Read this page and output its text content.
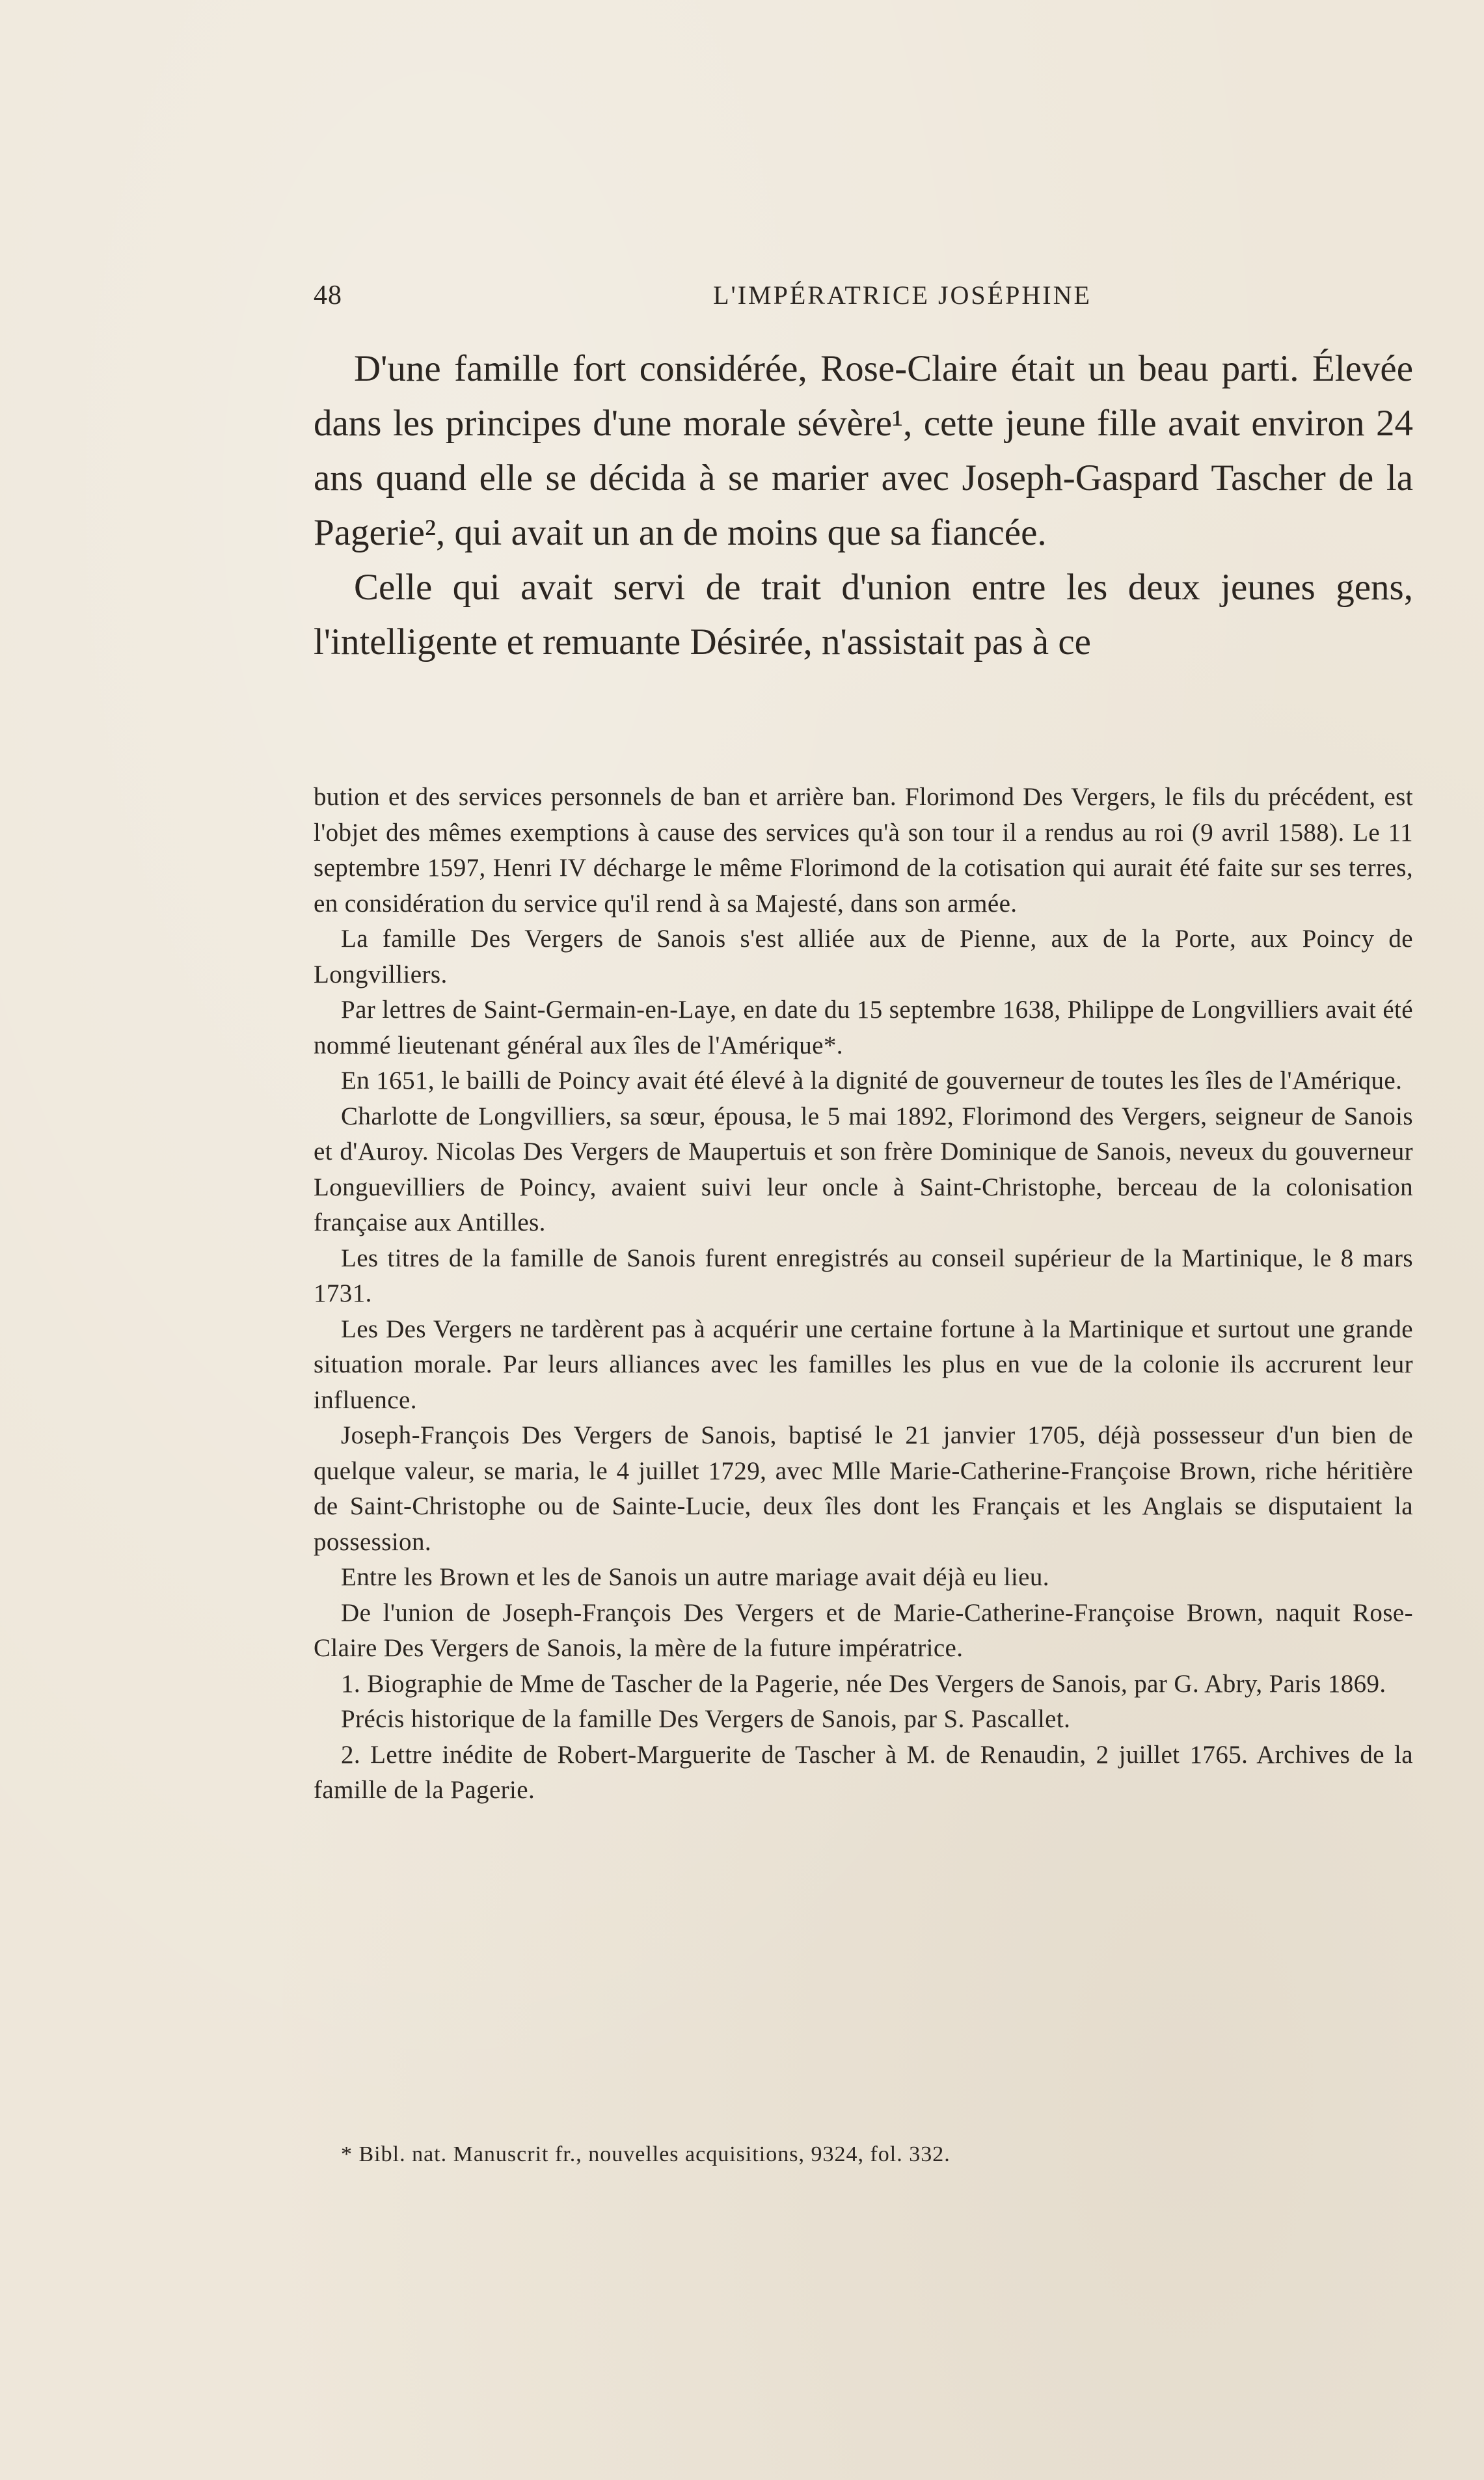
48	L'IMPÉRATRICE JOSÉPHINE

D'une famille fort considérée, Rose-Claire était un beau parti. Élevée dans les principes d'une morale sévère¹, cette jeune fille avait environ 24 ans quand elle se décida à se marier avec Joseph-Gaspard Tascher de la Pagerie², qui avait un an de moins que sa fiancée.

Celle qui avait servi de trait d'union entre les deux jeunes gens, l'intelligente et remuante Désirée, n'assistait pas à ce

bution et des services personnels de ban et arrière ban. Florimond Des Vergers, le fils du précédent, est l'objet des mêmes exemptions à cause des services qu'à son tour il a rendus au roi (9 avril 1588). Le 11 septembre 1597, Henri IV décharge le même Florimond de la cotisation qui aurait été faite sur ses terres, en considération du service qu'il rend à sa Majesté, dans son armée.

La famille Des Vergers de Sanois s'est alliée aux de Pienne, aux de la Porte, aux Poincy de Longvilliers.

Par lettres de Saint-Germain-en-Laye, en date du 15 septembre 1638, Philippe de Longvilliers avait été nommé lieutenant général aux îles de l'Amérique*.

En 1651, le bailli de Poincy avait été élevé à la dignité de gouverneur de toutes les îles de l'Amérique.

Charlotte de Longvilliers, sa sœur, épousa, le 5 mai 1892, Florimond des Vergers, seigneur de Sanois et d'Auroy. Nicolas Des Vergers de Maupertuis et son frère Dominique de Sanois, neveux du gouverneur Longuevilliers de Poincy, avaient suivi leur oncle à Saint-Christophe, berceau de la colonisation française aux Antilles.

Les titres de la famille de Sanois furent enregistrés au conseil supérieur de la Martinique, le 8 mars 1731.

Les Des Vergers ne tardèrent pas à acquérir une certaine fortune à la Martinique et surtout une grande situation morale. Par leurs alliances avec les familles les plus en vue de la colonie ils accrurent leur influence.

Joseph-François Des Vergers de Sanois, baptisé le 21 janvier 1705, déjà possesseur d'un bien de quelque valeur, se maria, le 4 juillet 1729, avec Mlle Marie-Catherine-Françoise Brown, riche héritière de Saint-Christophe ou de Sainte-Lucie, deux îles dont les Français et les Anglais se disputaient la possession.

Entre les Brown et les de Sanois un autre mariage avait déjà eu lieu.

De l'union de Joseph-François Des Vergers et de Marie-Catherine-Françoise Brown, naquit Rose-Claire Des Vergers de Sanois, la mère de la future impératrice.

1. Biographie de Mme de Tascher de la Pagerie, née Des Vergers de Sanois, par G. Abry, Paris 1869.

Précis historique de la famille Des Vergers de Sanois, par S. Pascallet.

2. Lettre inédite de Robert-Marguerite de Tascher à M. de Renaudin, 2 juillet 1765. Archives de la famille de la Pagerie.

* Bibl. nat. Manuscrit fr., nouvelles acquisitions, 9324, fol. 332.
